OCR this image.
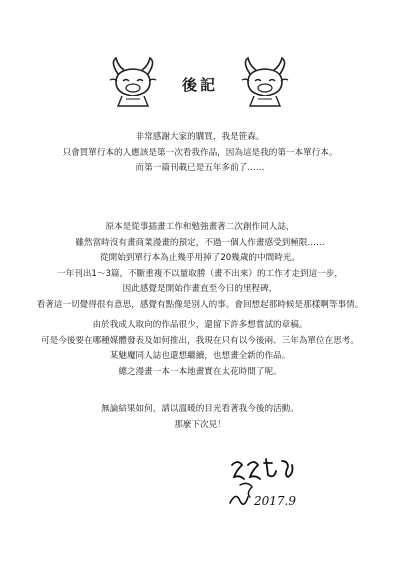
後記
非常感謝大家的購買，我是笹森。
只會買單行本的人應該是第一次看我作品，因為這是我的第一本單行本。
而第一篇刊載已是五年多前了……
原本是從事插畫工作和勉強畫著二次創作同人誌，
雖然當時沒有畫商業漫畫的預定，不過一個人作畫感受到極限……
從開始到單行本為止幾乎用掉了20幾歲的中間時光。
一年刊出1～3篇，不斷重複不以量取勝（畫不出來）的工作才走到這一步，
因此感覺是開始作畫直至今日的里程碑，
看著這一切覺得很有意思，感覺有點像是別人的事。會回想起那時候是那樣啊等事情。
由於我成人取向的作品很少，還留下許多想嘗試的章稿。
可是今後要在哪種媒體發表及如何推出，我現在只有以今後兩、三年為單位在思考。
某魅魔同人誌也還想繼續，也想畫全新的作品。
總之漫畫一本一本地畫實在太花時間了呢。
無論結果如何，請以溫暖的目光看著我今後的活動。
那麼下次見！
2017.9
